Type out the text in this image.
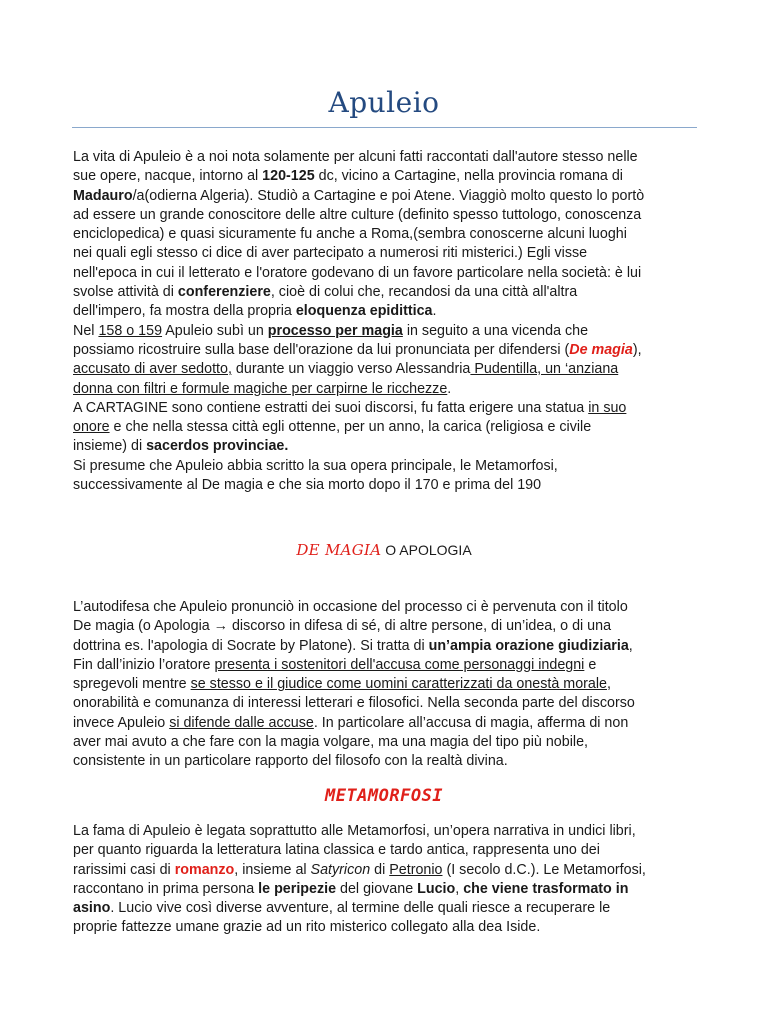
Apuleio
La vita di Apuleio è a noi nota solamente per alcuni fatti raccontati dall'autore stesso nelle
sue opere, nacque, intorno al 120-125 dc, vicino a Cartagine, nella provincia romana di
Madauro/a(odierna Algeria). Studiò a Cartagine e poi Atene. Viaggiò molto questo lo portò
ad essere un grande conoscitore delle altre culture (definito spesso tuttologo, conoscenza
enciclopedica) e quasi sicuramente fu anche a Roma,(sembra conoscerne alcuni luoghi
nei quali egli stesso ci dice di aver partecipato a numerosi riti misterici.) Egli visse
nell'epoca in cui il letterato e l'oratore godevano di un favore particolare nella società: è lui
svolse attività di conferenziere, cioè di colui che, recandosi da una città all'altra
dell'impero, fa mostra della propria eloquenza epidittica.
Nel 158 o 159 Apuleio subì un processo per magia in seguito a una vicenda che
possiamo ricostruire sulla base dell'orazione da lui pronunciata per difendersi (De magia),
accusato di aver sedotto, durante un viaggio verso Alessandria Pudentilla, un ‘anziana
donna con filtri e formule magiche per carpirne le ricchezze.
A CARTAGINE sono contiene estratti dei suoi discorsi, fu fatta erigere una statua in suo
onore e che nella stessa città egli ottenne, per un anno, la carica (religiosa e civile
insieme) di sacerdos provinciae.
Si presume che Apuleio abbia scritto la sua opera principale, le Metamorfosi,
successivamente al De magia e che sia morto dopo il 170 e prima del 190
DE MAGIA O APOLOGIA
L’autodifesa che Apuleio pronunciò in occasione del processo ci è pervenuta con il titolo
De magia (o Apologia → discorso in difesa di sé, di altre persone, di un’idea, o di una
dottrina es. l'apologia di Socrate by Platone). Si tratta di un’ampia orazione giudiziaria,
Fin dall’inizio l’oratore presenta i sostenitori dell'accusa come personaggi indegni e
spregevoli mentre se stesso e il giudice come uomini caratterizzati da onestà morale,
onorabilità e comunanza di interessi letterari e filosofici. Nella seconda parte del discorso
invece Apuleio si difende dalle accuse. In particolare all’accusa di magia, afferma di non
aver mai avuto a che fare con la magia volgare, ma una magia del tipo più nobile,
consistente in un particolare rapporto del filosofo con la realtà divina.
METAMORFOSI
La fama di Apuleio è legata soprattutto alle Metamorfosi, un’opera narrativa in undici libri,
per quanto riguarda la letteratura latina classica e tardo antica, rappresenta uno dei
rarissimi casi di romanzo, insieme al Satyricon di Petronio (I secolo d.C.). Le Metamorfosi,
raccontano in prima persona le peripezie del giovane Lucio, che viene trasformato in
asino. Lucio vive così diverse avventure, al termine delle quali riesce a recuperare le
proprie fattezze umane grazie ad un rito misterico collegato alla dea Iside.
